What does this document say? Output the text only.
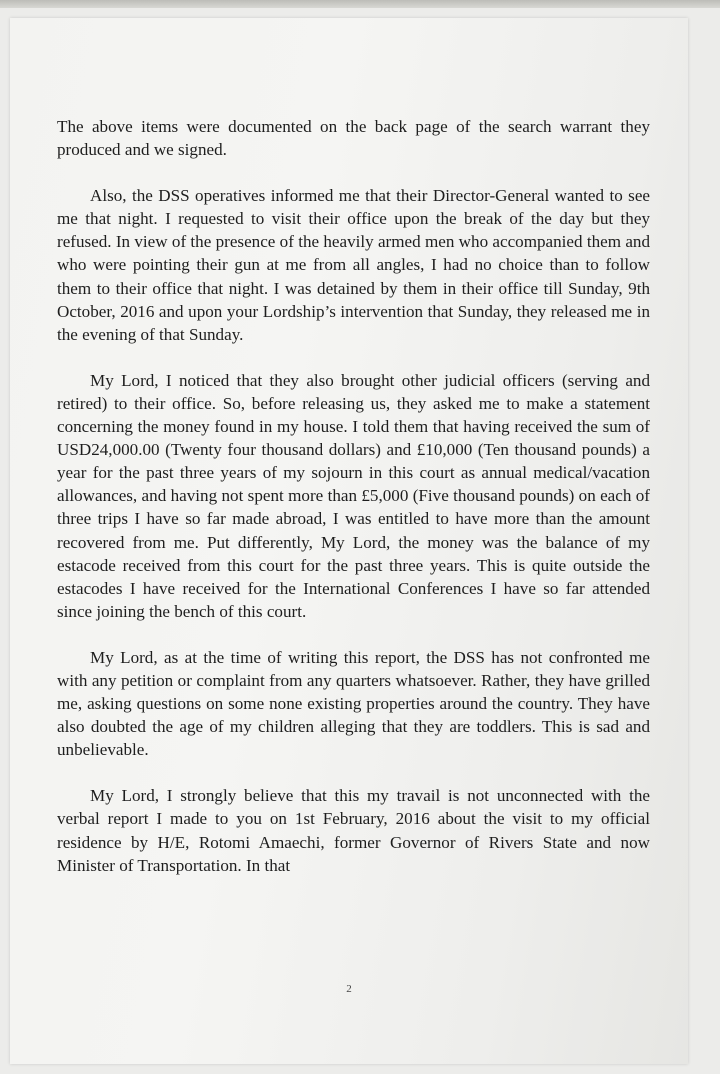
The above items were documented on the back page of the search warrant they produced and we signed.

Also, the DSS operatives informed me that their Director-General wanted to see me that night. I requested to visit their office upon the break of the day but they refused. In view of the presence of the heavily armed men who accompanied them and who were pointing their gun at me from all angles, I had no choice than to follow them to their office that night. I was detained by them in their office till Sunday, 9th October, 2016 and upon your Lordship’s intervention that Sunday, they released me in the evening of that Sunday.

My Lord, I noticed that they also brought other judicial officers (serving and retired) to their office. So, before releasing us, they asked me to make a statement concerning the money found in my house. I told them that having received the sum of USD24,000.00 (Twenty four thousand dollars) and £10,000 (Ten thousand pounds) a year for the past three years of my sojourn in this court as annual medical/vacation allowances, and having not spent more than £5,000 (Five thousand pounds) on each of three trips I have so far made abroad, I was entitled to have more than the amount recovered from me. Put differently, My Lord, the money was the balance of my estacode received from this court for the past three years. This is quite outside the estacodes I have received for the International Conferences I have so far attended since joining the bench of this court.

My Lord, as at the time of writing this report, the DSS has not confronted me with any petition or complaint from any quarters whatsoever. Rather, they have grilled me, asking questions on some none existing properties around the country. They have also doubted the age of my children alleging that they are toddlers. This is sad and unbelievable.

My Lord, I strongly believe that this my travail is not unconnected with the verbal report I made to you on 1st February, 2016 about the visit to my official residence by H/E, Rotomi Amaechi, former Governor of Rivers State and now Minister of Transportation. In that

2
